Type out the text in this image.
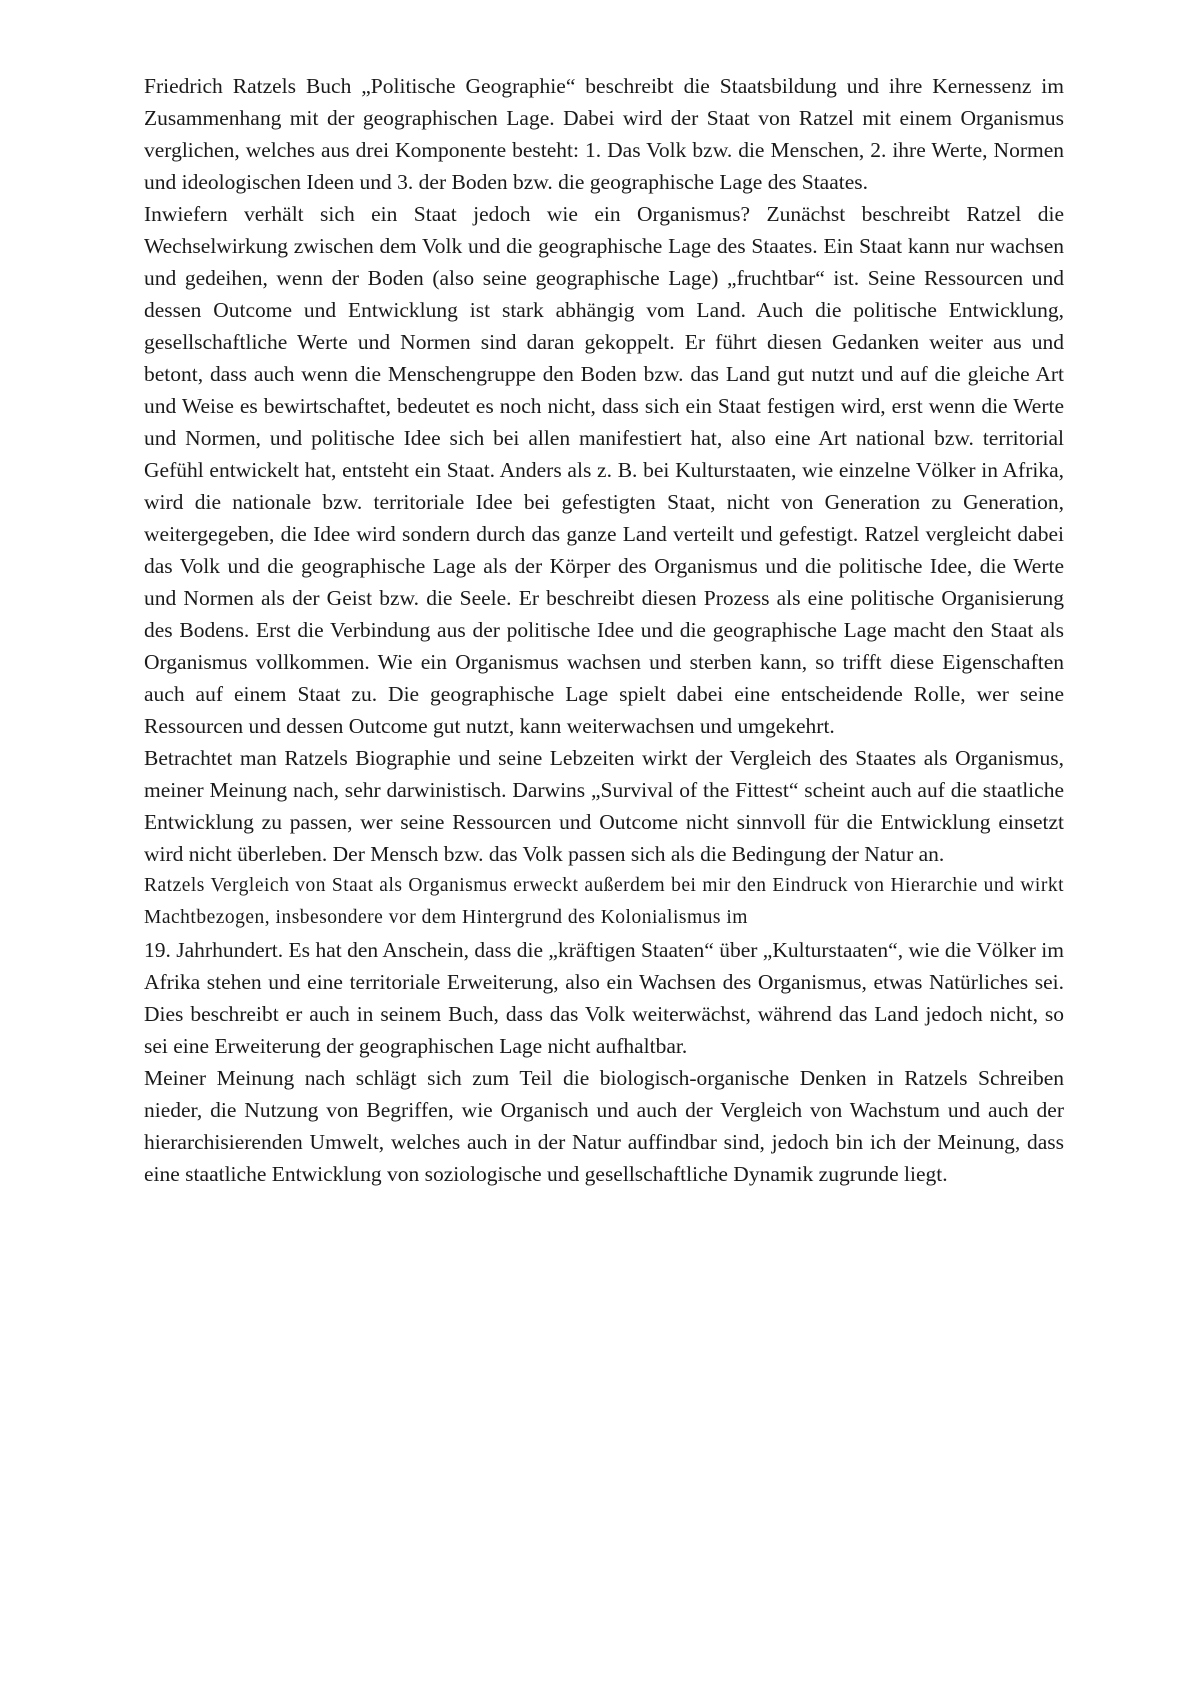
Friedrich Ratzels Buch „Politische Geographie“ beschreibt die Staatsbildung und ihre Kernessenz im Zusammenhang mit der geographischen Lage. Dabei wird der Staat von Ratzel mit einem Organismus verglichen, welches aus drei Komponente besteht: 1. Das Volk bzw. die Menschen, 2. ihre Werte, Normen und ideologischen Ideen und 3. der Boden bzw. die geographische Lage des Staates.

Inwiefern verhält sich ein Staat jedoch wie ein Organismus? Zunächst beschreibt Ratzel die Wechselwirkung zwischen dem Volk und die geographische Lage des Staates. Ein Staat kann nur wachsen und gedeihen, wenn der Boden (also seine geographische Lage) „fruchtbar“ ist. Seine Ressourcen und dessen Outcome und Entwicklung ist stark abhängig vom Land. Auch die politische Entwicklung, gesellschaftliche Werte und Normen sind daran gekoppelt. Er führt diesen Gedanken weiter aus und betont, dass auch wenn die Menschengruppe den Boden bzw. das Land gut nutzt und auf die gleiche Art und Weise es bewirtschaftet, bedeutet es noch nicht, dass sich ein Staat festigen wird, erst wenn die Werte und Normen, und politische Idee sich bei allen manifestiert hat, also eine Art national bzw. territorial Gefühl entwickelt hat, entsteht ein Staat. Anders als z. B. bei Kulturstaaten, wie einzelne Völker in Afrika, wird die nationale bzw. territoriale Idee bei gefestigten Staat, nicht von Generation zu Generation, weitergegeben, die Idee wird sondern durch das ganze Land verteilt und gefestigt. Ratzel vergleicht dabei das Volk und die geographische Lage als der Körper des Organismus und die politische Idee, die Werte und Normen als der Geist bzw. die Seele. Er beschreibt diesen Prozess als eine politische Organisierung des Bodens. Erst die Verbindung aus der politische Idee und die geographische Lage macht den Staat als Organismus vollkommen. Wie ein Organismus wachsen und sterben kann, so trifft diese Eigenschaften auch auf einem Staat zu. Die geographische Lage spielt dabei eine entscheidende Rolle, wer seine Ressourcen und dessen Outcome gut nutzt, kann weiterwachsen und umgekehrt.

Betrachtet man Ratzels Biographie und seine Lebzeiten wirkt der Vergleich des Staates als Organismus, meiner Meinung nach, sehr darwinistisch. Darwins „Survival of the Fittest“ scheint auch auf die staatliche Entwicklung zu passen, wer seine Ressourcen und Outcome nicht sinnvoll für die Entwicklung einsetzt wird nicht überleben. Der Mensch bzw. das Volk passen sich als die Bedingung der Natur an.

Ratzels Vergleich von Staat als Organismus erweckt außerdem bei mir den Eindruck von Hierarchie und wirkt Machtbezogen, insbesondere vor dem Hintergrund des Kolonialismus im

19. Jahrhundert. Es hat den Anschein, dass die „kräftigen Staaten“ über „Kulturstaaten“, wie die Völker im Afrika stehen und eine territoriale Erweiterung, also ein Wachsen des Organismus, etwas Natürliches sei. Dies beschreibt er auch in seinem Buch, dass das Volk weiterwächst, während das Land jedoch nicht, so sei eine Erweiterung der geographischen Lage nicht aufhaltbar.

Meiner Meinung nach schlägt sich zum Teil die biologisch-organische Denken in Ratzels Schreiben nieder, die Nutzung von Begriffen, wie Organisch und auch der Vergleich von Wachstum und auch der hierarchisierenden Umwelt, welches auch in der Natur auffindbar sind, jedoch bin ich der Meinung, dass eine staatliche Entwicklung von soziologische und gesellschaftliche Dynamik zugrunde liegt.
